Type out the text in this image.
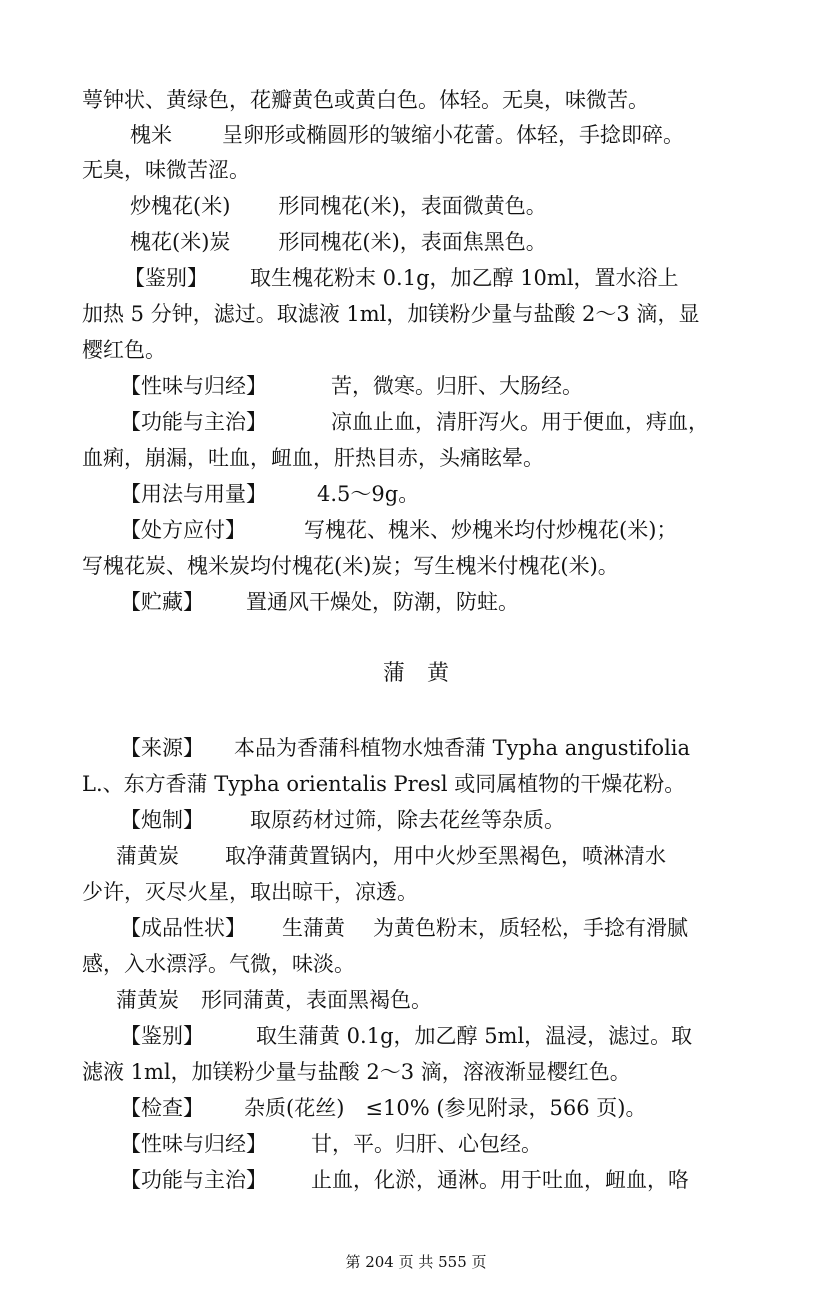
萼钟状、黄绿色，花瓣黄色或黄白色。体轻。无臭，味微苦。
槐米 呈卵形或椭圆形的皱缩小花蕾。体轻，手捻即碎。
无臭，味微苦涩。
炒槐花(米) 形同槐花(米)，表面微黄色。
槐花(米)炭 形同槐花(米)，表面焦黑色。
【鉴别】 取生槐花粉末 0.1g，加乙醇 10ml，置水浴上
加热 5 分钟，滤过。取滤液 1ml，加镁粉少量与盐酸 2～3 滴，显
樱红色。
【性味与归经】	苦，微寒。归肝、大肠经。
【功能与主治】	凉血止血，清肝泻火。用于便血，痔血，
血痢，崩漏，吐血，衄血，肝热目赤，头痛眩晕。
【用法与用量】 4.5～9g。
【处方应付】	写槐花、槐米、炒槐米均付炒槐花(米)；
写槐花炭、槐米炭均付槐花(米)炭；写生槐米付槐花(米)。
【贮藏】 置通风干燥处，防潮，防蛀。
蒲　黄
【来源】 本品为香蒲科植物水烛香蒲 Typha angustifolia
L.、东方香蒲 Typha orientalis Presl 或同属植物的干燥花粉。
【炮制】 取原药材过筛，除去花丝等杂质。
蒲黄炭 取净蒲黄置锅内，用中火炒至黑褐色，喷淋清水
少许，灭尽火星，取出晾干，凉透。
【成品性状】 生蒲黄 为黄色粉末，质轻松，手捻有滑腻
感，入水漂浮。气微，味淡。
蒲黄炭 形同蒲黄，表面黑褐色。
【鉴别】 取生蒲黄 0.1g，加乙醇 5ml，温浸，滤过。取
滤液 1ml，加镁粉少量与盐酸 2～3 滴，溶液渐显樱红色。
【检查】 杂质(花丝)　≤10% (参见附录，566 页)。
【性味与归经】 甘，平。归肝、心包经。
【功能与主治】 止血，化淤，通淋。用于吐血，衄血，咯
第 204 页 共 555 页
